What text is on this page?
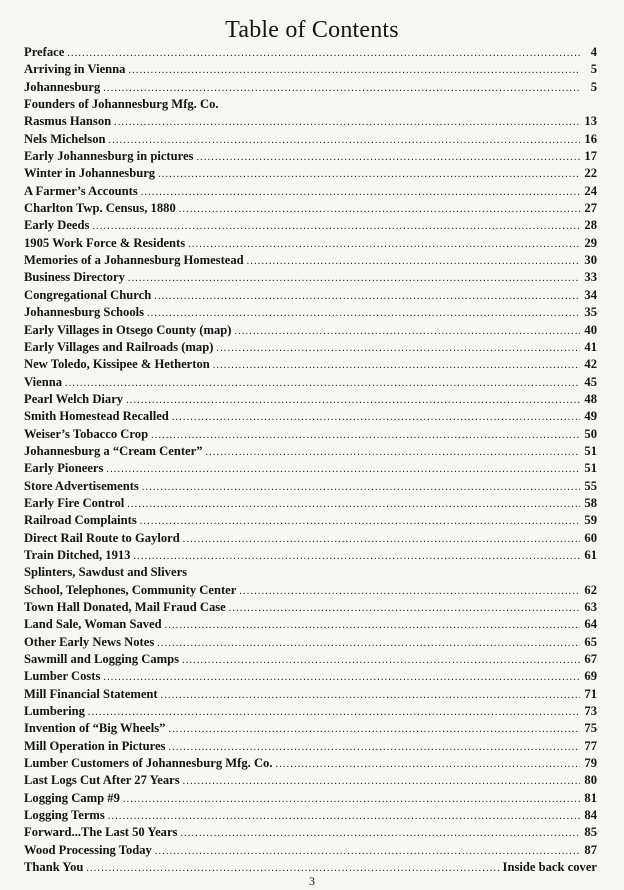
Table of Contents
Preface .....	4
Arriving in Vienna .....	5
Johannesburg .....	5
Founders of Johannesburg Mfg. Co.
Rasmus Hanson .....	13
Nels Michelson .....	16
Early Johannesburg in pictures .....	17
Winter in Johannesburg .....	22
A Farmer’s Accounts .....	24
Charlton Twp. Census, 1880 .....	27
Early Deeds .....	28
1905 Work Force & Residents .....	29
Memories of a Johannesburg Homestead .....	30
Business Directory .....	33
Congregational Church .....	34
Johannesburg Schools .....	35
Early Villages in Otsego County (map) .....	40
Early Villages and Railroads (map) .....	41
New Toledo, Kissipee & Hetherton .....	42
Vienna .....	45
Pearl Welch Diary .....	48
Smith Homestead Recalled .....	49
Weiser’s Tobacco Crop .....	50
Johannesburg a “Cream Center” .....	51
Early Pioneers .....	51
Store Advertisements .....	55
Early Fire Control .....	58
Railroad Complaints .....	59
Direct Rail Route to Gaylord .....	60
Train Ditched, 1913 .....	61
Splinters, Sawdust and Slivers
School, Telephones, Community Center .....	62
Town Hall Donated, Mail Fraud Case .....	63
Land Sale, Woman Saved .....	64
Other Early News Notes .....	65
Sawmill and Logging Camps .....	67
Lumber Costs .....	69
Mill Financial Statement .....	71
Lumbering .....	73
Invention of “Big Wheels” .....	75
Mill Operation in Pictures .....	77
Lumber Customers of Johannesburg Mfg. Co. .....	79
Last Logs Cut After 27 Years .....	80
Logging Camp #9 .....	81
Logging Terms .....	84
Forward...The Last 50 Years .....	85
Wood Processing Today .....	87
Thank You .....	Inside back cover
3
